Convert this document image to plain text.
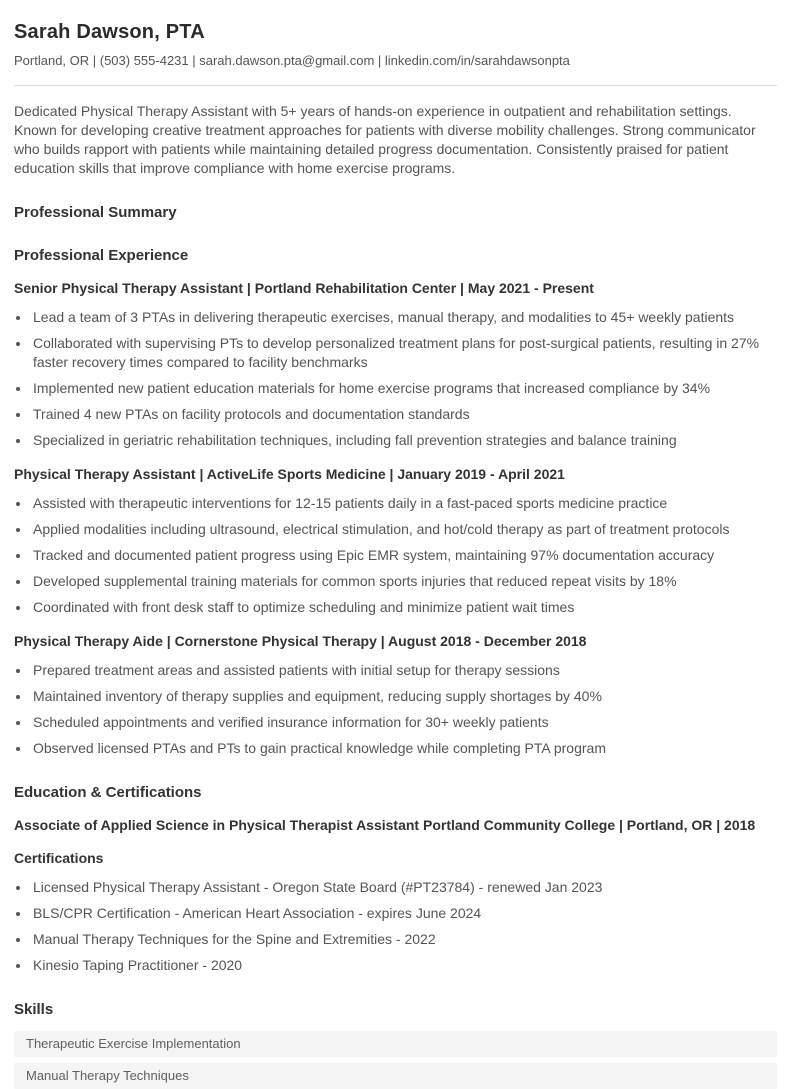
Sarah Dawson, PTA

Portland, OR | (503) 555-4231 | sarah.dawson.pta@gmail.com | linkedin.com/in/sarahdawsonpta

Dedicated Physical Therapy Assistant with 5+ years of hands-on experience in outpatient and rehabilitation settings. Known for developing creative treatment approaches for patients with diverse mobility challenges. Strong communicator who builds rapport with patients while maintaining detailed progress documentation. Consistently praised for patient education skills that improve compliance with home exercise programs.

Professional Summary
Professional Experience
Senior Physical Therapy Assistant | Portland Rehabilitation Center | May 2021 - Present
• Lead a team of 3 PTAs in delivering therapeutic exercises, manual therapy, and modalities to 45+ weekly patients
• Collaborated with supervising PTs to develop personalized treatment plans for post-surgical patients, resulting in 27% faster recovery times compared to facility benchmarks
• Implemented new patient education materials for home exercise programs that increased compliance by 34%
• Trained 4 new PTAs on facility protocols and documentation standards
• Specialized in geriatric rehabilitation techniques, including fall prevention strategies and balance training
Physical Therapy Assistant | ActiveLife Sports Medicine | January 2019 - April 2021
• Assisted with therapeutic interventions for 12-15 patients daily in a fast-paced sports medicine practice
• Applied modalities including ultrasound, electrical stimulation, and hot/cold therapy as part of treatment protocols
• Tracked and documented patient progress using Epic EMR system, maintaining 97% documentation accuracy
• Developed supplemental training materials for common sports injuries that reduced repeat visits by 18%
• Coordinated with front desk staff to optimize scheduling and minimize patient wait times
Physical Therapy Aide | Cornerstone Physical Therapy | August 2018 - December 2018
• Prepared treatment areas and assisted patients with initial setup for therapy sessions
• Maintained inventory of therapy supplies and equipment, reducing supply shortages by 40%
• Scheduled appointments and verified insurance information for 30+ weekly patients
• Observed licensed PTAs and PTs to gain practical knowledge while completing PTA program
Education & Certifications
Associate of Applied Science in Physical Therapist Assistant Portland Community College | Portland, OR | 2018
Certifications
• Licensed Physical Therapy Assistant - Oregon State Board (#PT23784) - renewed Jan 2023
• BLS/CPR Certification - American Heart Association - expires June 2024
• Manual Therapy Techniques for the Spine and Extremities - 2022
• Kinesio Taping Practitioner - 2020
Skills
Therapeutic Exercise Implementation
Manual Therapy Techniques
